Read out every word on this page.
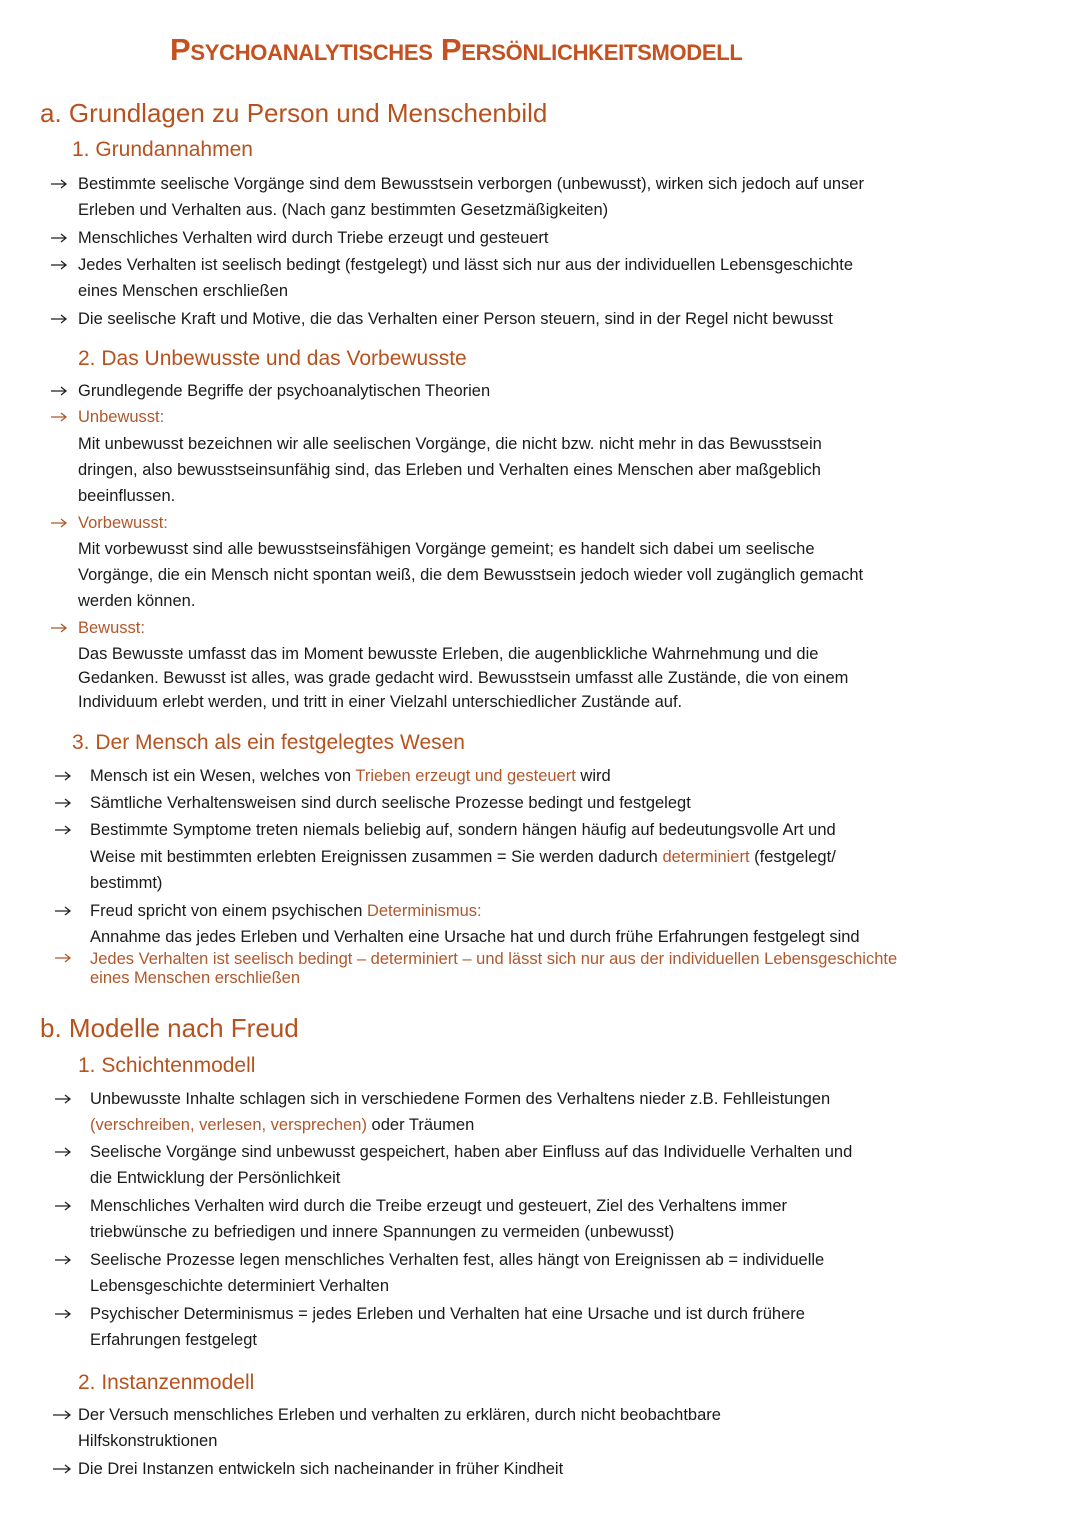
Psychoanalytisches Persönlichkeitsmodell
a. Grundlagen zu Person und Menschenbild
1. Grundannahmen
Bestimmte seelische Vorgänge sind dem Bewusstsein verborgen (unbewusst), wirken sich jedoch auf unser
Erleben und Verhalten aus. (Nach ganz bestimmten Gesetzmäßigkeiten)
Menschliches Verhalten wird durch Triebe erzeugt und gesteuert
Jedes Verhalten ist seelisch bedingt (festgelegt) und lässt sich nur aus der individuellen Lebensgeschichte
eines Menschen erschließen
Die seelische Kraft und Motive, die das Verhalten einer Person steuern, sind in der Regel nicht bewusst
2. Das Unbewusste und das Vorbewusste
Grundlegende Begriffe der psychoanalytischen Theorien
Unbewusst:
Mit unbewusst bezeichnen wir alle seelischen Vorgänge, die nicht bzw. nicht mehr in das Bewusstsein
dringen, also bewusstseinsunfähig sind, das Erleben und Verhalten eines Menschen aber maßgeblich
beeinflussen.
Vorbewusst:
Mit vorbewusst sind alle bewusstseinsfähigen Vorgänge gemeint; es handelt sich dabei um seelische
Vorgänge, die ein Mensch nicht spontan weiß, die dem Bewusstsein jedoch wieder voll zugänglich gemacht
werden können.
Bewusst:
Das Bewusste umfasst das im Moment bewusste Erleben, die augenblickliche Wahrnehmung und die
Gedanken. Bewusst ist alles, was grade gedacht wird. Bewusstsein umfasst alle Zustände, die von einem
Individuum erlebt werden, und tritt in einer Vielzahl unterschiedlicher Zustände auf.
3. Der Mensch als ein festgelegtes Wesen
Mensch ist ein Wesen, welches von Trieben erzeugt und gesteuert wird
Sämtliche Verhaltensweisen sind durch seelische Prozesse bedingt und festgelegt
Bestimmte Symptome treten niemals beliebig auf, sondern hängen häufig auf bedeutungsvolle Art und
Weise mit bestimmten erlebten Ereignissen zusammen = Sie werden dadurch determiniert (festgelegt/
bestimmt)
Freud spricht von einem psychischen Determinismus:
Annahme das jedes Erleben und Verhalten eine Ursache hat und durch frühe Erfahrungen festgelegt sind
Jedes Verhalten ist seelisch bedingt – determiniert – und lässt sich nur aus der individuellen Lebensgeschichte
eines Menschen erschließen
b. Modelle nach Freud
1. Schichtenmodell
Unbewusste Inhalte schlagen sich in verschiedene Formen des Verhaltens nieder z.B. Fehlleistungen
(verschreiben, verlesen, versprechen) oder Träumen
Seelische Vorgänge sind unbewusst gespeichert, haben aber Einfluss auf das Individuelle Verhalten und
die Entwicklung der Persönlichkeit
Menschliches Verhalten wird durch die Treibe erzeugt und gesteuert, Ziel des Verhaltens immer
triebwünsche zu befriedigen und innere Spannungen zu vermeiden (unbewusst)
Seelische Prozesse legen menschliches Verhalten fest, alles hängt von Ereignissen ab = individuelle
Lebensgeschichte determiniert Verhalten
Psychischer Determinismus = jedes Erleben und Verhalten hat eine Ursache und ist durch frühere
Erfahrungen festgelegt
2. Instanzenmodell
Der Versuch menschliches Erleben und verhalten zu erklären, durch nicht beobachtbare
Hilfskonstruktionen
Die Drei Instanzen entwickeln sich nacheinander in früher Kindheit
